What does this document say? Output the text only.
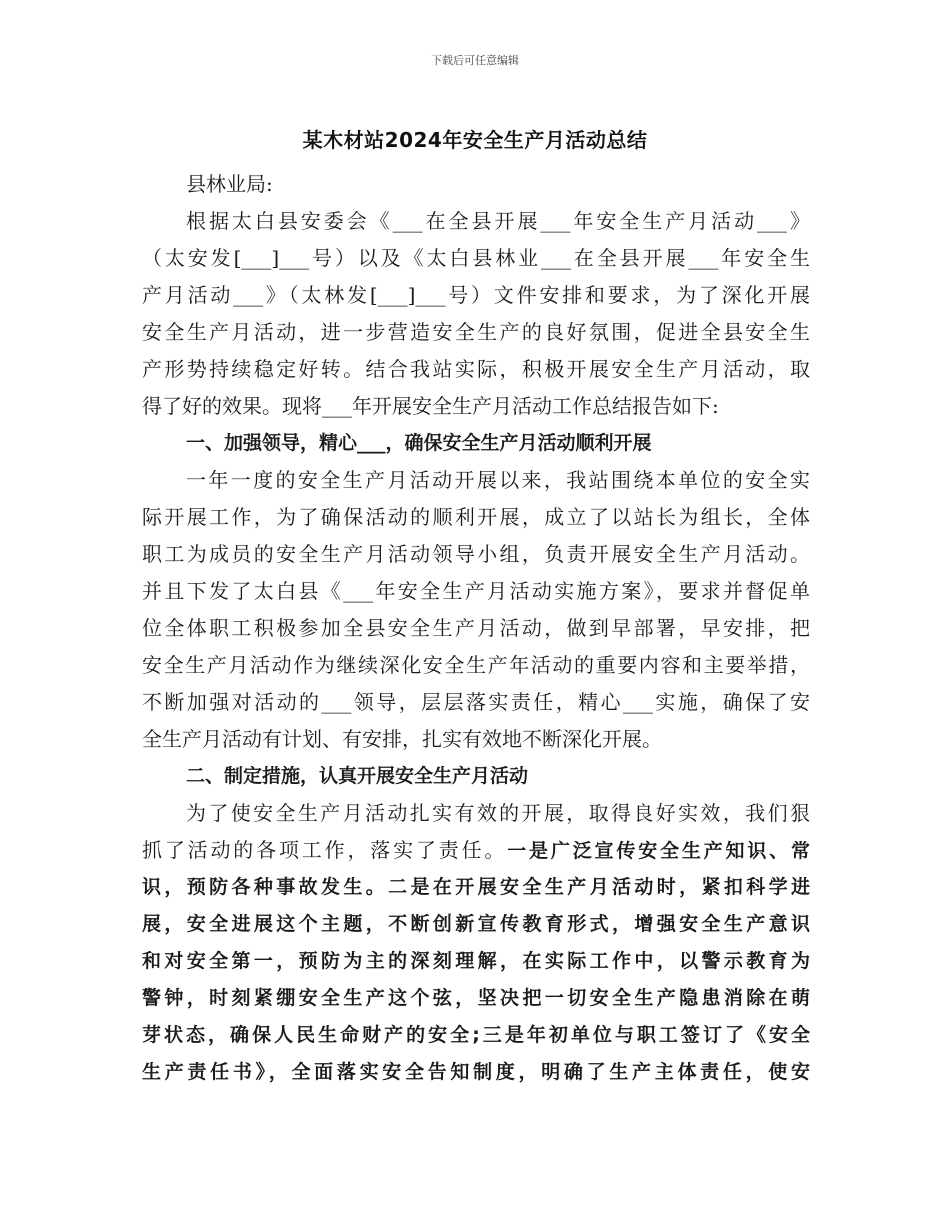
下载后可任意编辑
某木材站2024年安全生产月活动总结
县林业局:
根据太白县安委会《___在全县开展___年安全生产月活动___》
（太安发[___]___号）以及《太白县林业___在全县开展___年安全生
产月活动___》（太林发[___]___号）文件安排和要求，为了深化开展
安全生产月活动，进一步营造安全生产的良好氛围，促进全县安全生
产形势持续稳定好转。结合我站实际，积极开展安全生产月活动，取
得了好的效果。现将___年开展安全生产月活动工作总结报告如下:
一、加强领导，精心___，确保安全生产月活动顺利开展
一年一度的安全生产月活动开展以来，我站围绕本单位的安全实
际开展工作，为了确保活动的顺利开展，成立了以站长为组长，全体
职工为成员的安全生产月活动领导小组，负责开展安全生产月活动。
并且下发了太白县《___年安全生产月活动实施方案》，要求并督促单
位全体职工积极参加全县安全生产月活动，做到早部署，早安排，把
安全生产月活动作为继续深化安全生产年活动的重要内容和主要举措，
不断加强对活动的___领导，层层落实责任，精心___实施，确保了安
全生产月活动有计划、有安排，扎实有效地不断深化开展。
二、制定措施，认真开展安全生产月活动
为了使安全生产月活动扎实有效的开展，取得良好实效，我们狠
抓了活动的各项工作，落实了责任。一是广泛宣传安全生产知识、常
识，预防各种事故发生。二是在开展安全生产月活动时，紧扣科学进
展，安全进展这个主题，不断创新宣传教育形式，增强安全生产意识
和对安全第一，预防为主的深刻理解，在实际工作中，以警示教育为
警钟，时刻紧绷安全生产这个弦，坚决把一切安全生产隐患消除在萌
芽状态，确保人民生命财产的安全;三是年初单位与职工签订了《安全
生产责任书》，全面落实安全告知制度，明确了生产主体责任，使安
